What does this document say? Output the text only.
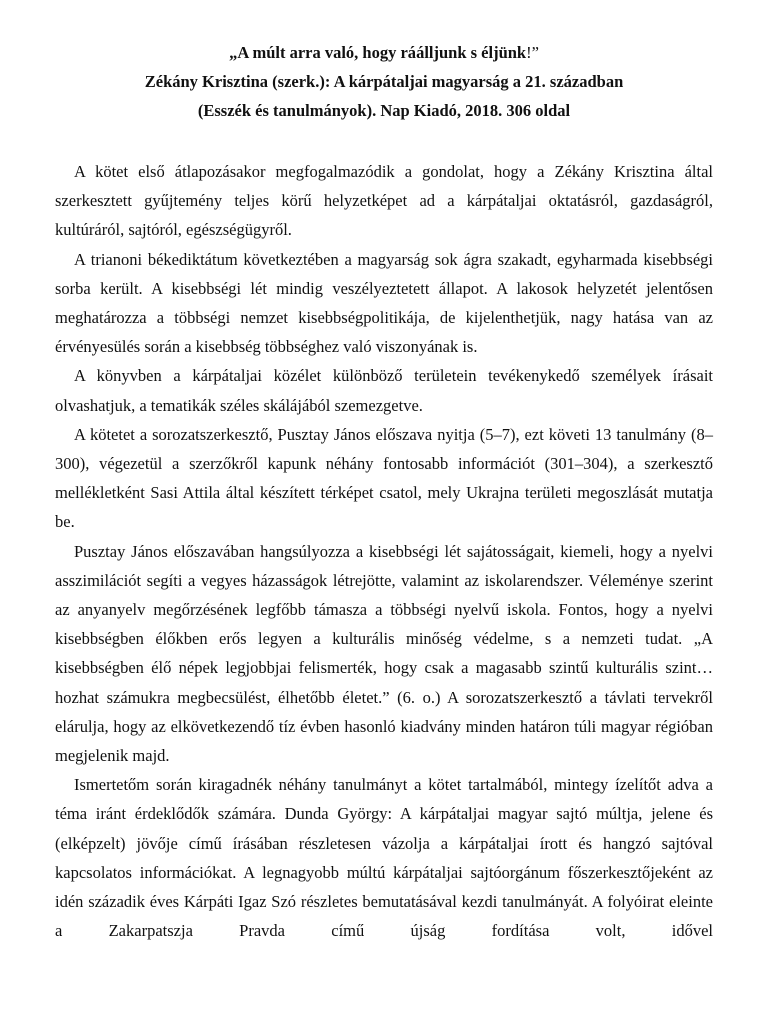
„A múlt arra való, hogy ráálljunk s éljünk!”
Zékány Krisztina (szerk.): A kárpátaljai magyarság a 21. században
(Esszék és tanulmányok). Nap Kiadó, 2018. 306 oldal

A kötet első átlapozásakor megfogalmazódik a gondolat, hogy a Zékány Krisztina által szerkesztett gyűjtemény teljes körű helyzetképet ad a kárpátaljai oktatásról, gazdaságról, kultúráról, sajtóról, egészségügyről.

A trianoni békediktátum következtében a magyarság sok ágra szakadt, egyharmada kisebbségi sorba került. A kisebbségi lét mindig veszélyeztetett állapot. A lakosok helyzetét jelentősen meghatározza a többségi nemzet kisebbségpolitikája, de kijelenthetjük, nagy hatása van az érvényesülés során a kisebbség többséghez való viszonyának is.

A könyvben a kárpátaljai közélet különböző területein tevékenykedő személyek írásait olvashatjuk, a tematikák széles skálájából szemezgetve.

A kötetet a sorozatszerkesztő, Pusztay János előszava nyitja (5–7), ezt követi 13 tanulmány (8–300), végezetül a szerzőkről kapunk néhány fontosabb információt (301–304), a szerkesztő mellékletként Sasi Attila által készített térképet csatol, mely Ukrajna területi megoszlását mutatja be.

Pusztay János előszavában hangsúlyozza a kisebbségi lét sajátosságait, kiemeli, hogy a nyelvi asszimilációt segíti a vegyes házasságok létrejötte, valamint az iskolarendszer. Véleménye szerint az anyanyelv megőrzésének legfőbb támasza a többségi nyelvű iskola. Fontos, hogy a nyelvi kisebbségben élőkben erős legyen a kulturális minőség védelme, s a nemzeti tudat. „A kisebbségben élő népek legjobbjai felismerték, hogy csak a magasabb szintű kulturális szint…hozhat számukra megbecsülést, élhetőbb életet.” (6. o.) A sorozatszerkesztő a távlati tervekről elárulja, hogy az elkövetkezendő tíz évben hasonló kiadvány minden határon túli magyar régióban megjelenik majd.

Ismertetőm során kiragadnék néhány tanulmányt a kötet tartalmából, mintegy ízelítőt adva a téma iránt érdeklődők számára. Dunda György: A kárpátaljai magyar sajtó múltja, jelene és (elképzelt) jövője című írásában részletesen vázolja a kárpátaljai írott és hangzó sajtóval kapcsolatos információkat. A legnagyobb múltú kárpátaljai sajtóorgánum főszerkesztőjeként az idén századik éves Kárpáti Igaz Szó részletes bemutatásával kezdi tanulmányát. A folyóirat eleinte a Zakarpatszja Pravda című újság fordítása volt, idővel
